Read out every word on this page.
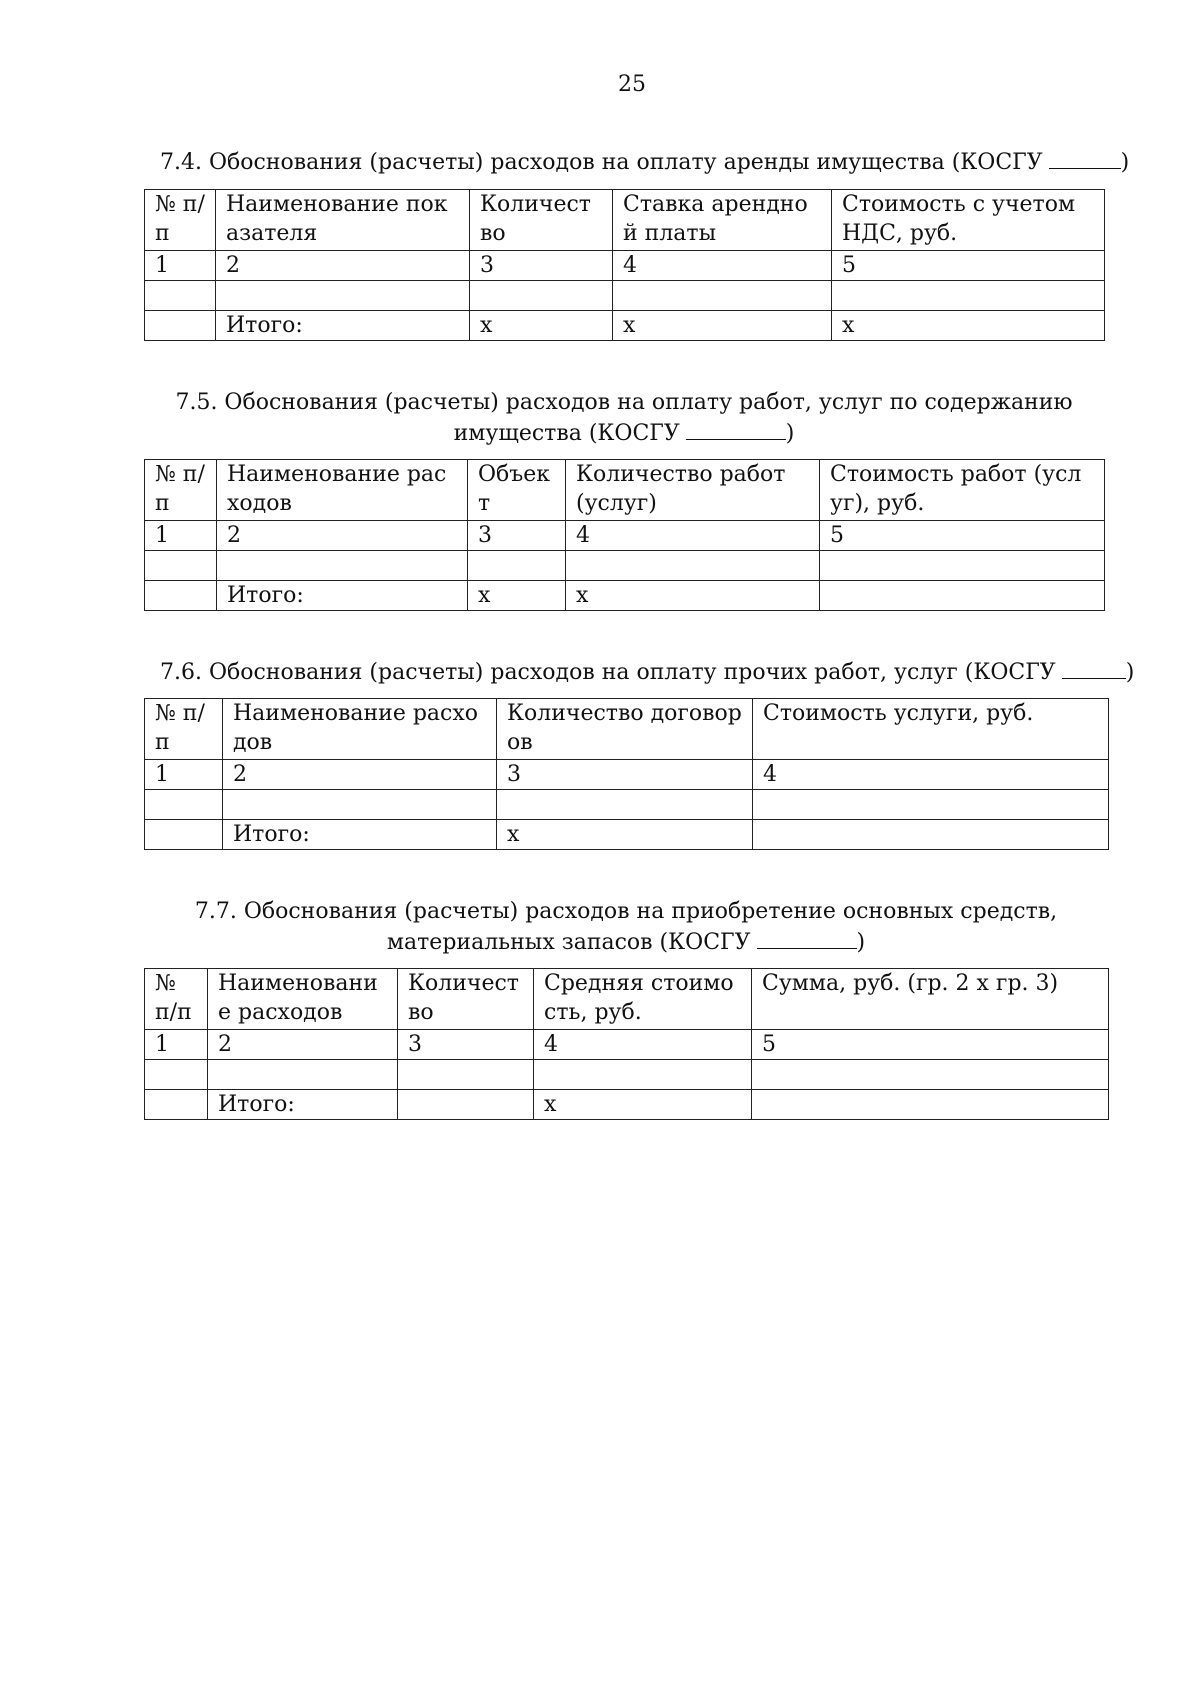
25

7.4. Обоснования (расчеты) расходов на оплату аренды имущества (КОСГУ	)

№ п/п	Наименование показателя	Количество	Ставка арендной платы	Стоимость с учетом НДС, руб.
1	2	3	4	5

	Итого:	x	x	x

7.5. Обоснования (расчеты) расходов на оплату работ, услуг по содержанию
имущества (КОСГУ	)

№ п/п	Наименование расходов	Объект	Количество работ (услуг)	Стоимость работ (услуг), руб.
1	2	3	4	5

	Итого:	x	x	

7.6. Обоснования (расчеты) расходов на оплату прочих работ, услуг (КОСГУ	)

№ п/п	Наименование расходов	Количество договоров	Стоимость услуги, руб.
1	2	3	4

	Итого:	x	

7.7. Обоснования (расчеты) расходов на приобретение основных средств,
материальных запасов (КОСГУ	)

№ п/п	Наименование расходов	Количество	Средняя стоимость, руб.	Сумма, руб. (гр. 2 x гр. 3)
1	2	3	4	5

	Итого:		x	
